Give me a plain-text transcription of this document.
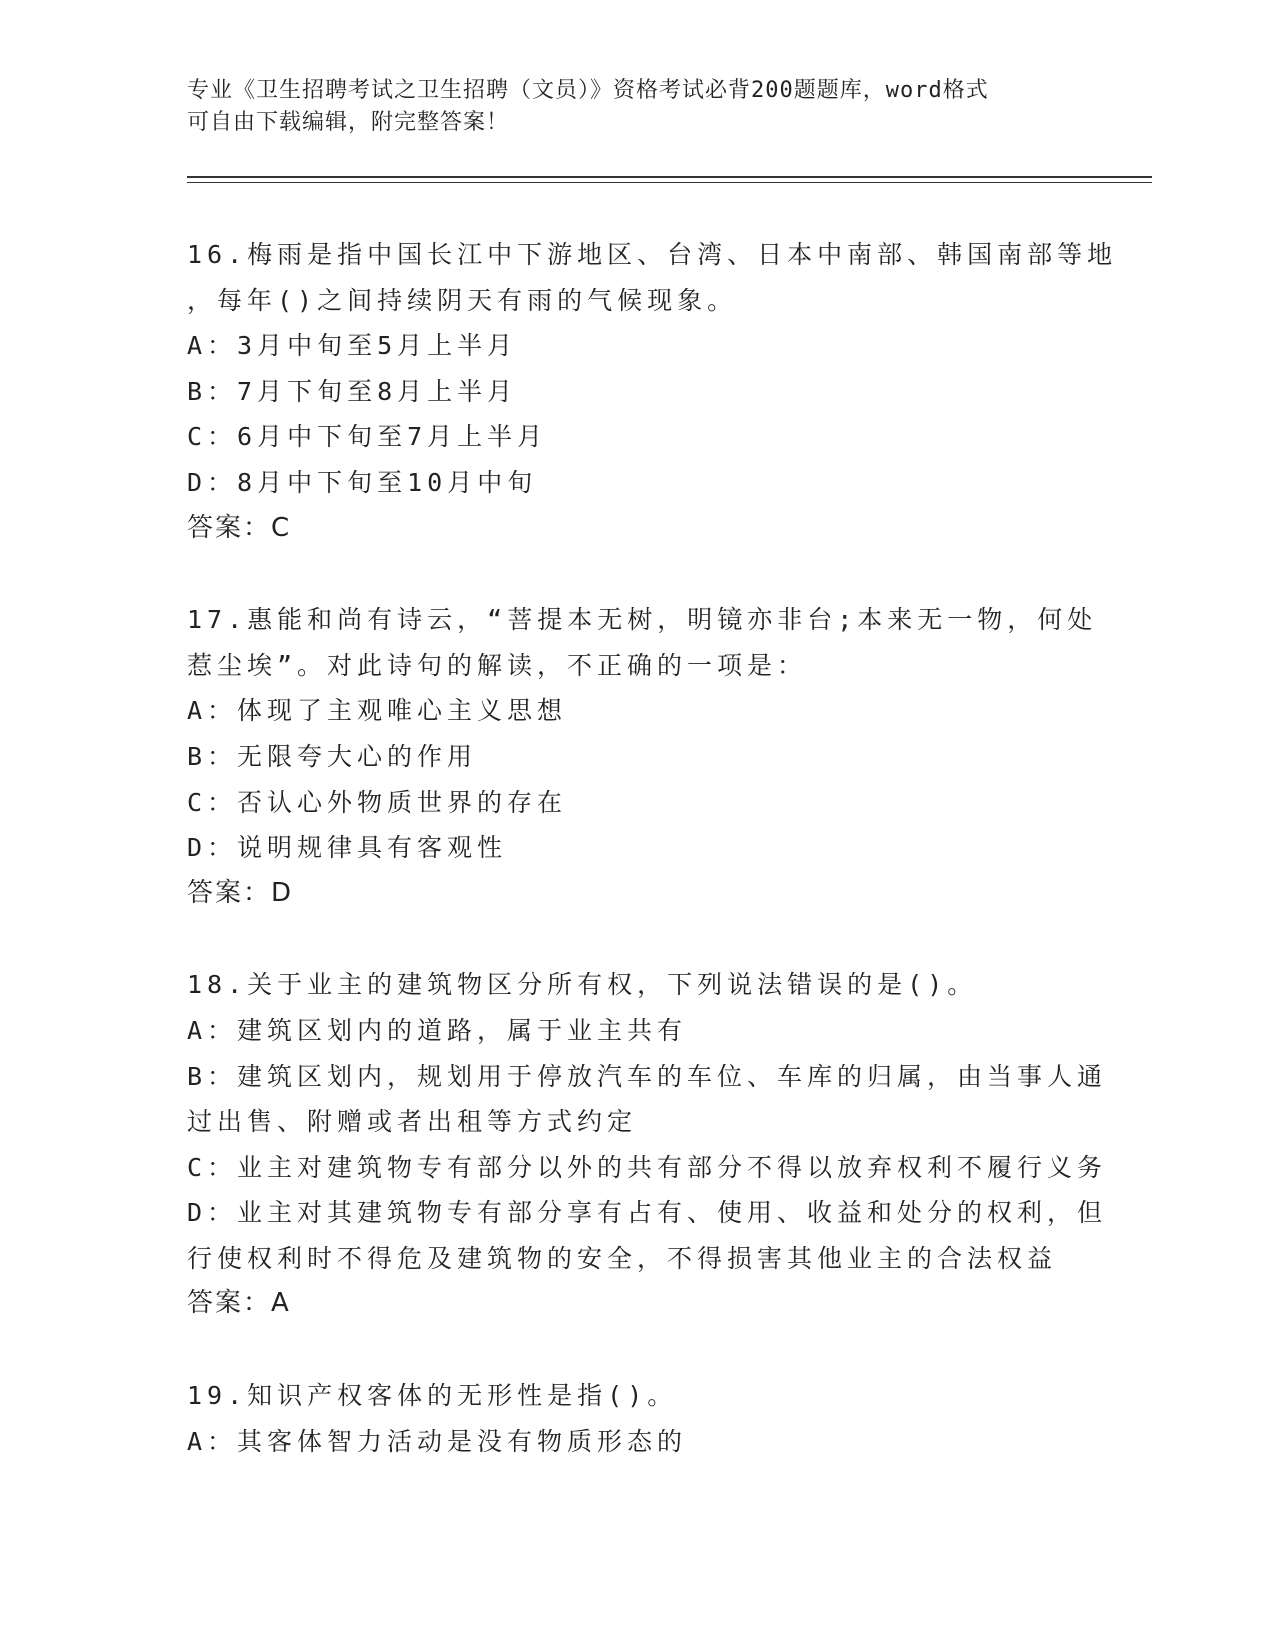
专业《卫生招聘考试之卫生招聘（文员）》资格考试必背200题题库，word格式
可自由下载编辑，附完整答案！
16.梅雨是指中国长江中下游地区、台湾、日本中南部、韩国南部等地
，每年()之间持续阴天有雨的气候现象。
A：3月中旬至5月上半月
B：7月下旬至8月上半月
C：6月中下旬至7月上半月
D：8月中下旬至10月中旬
答案：C
17.惠能和尚有诗云，“菩提本无树，明镜亦非台;本来无一物，何处
惹尘埃”。对此诗句的解读，不正确的一项是：
A：体现了主观唯心主义思想
B：无限夸大心的作用
C：否认心外物质世界的存在
D：说明规律具有客观性
答案：D
18.关于业主的建筑物区分所有权，下列说法错误的是()。
A：建筑区划内的道路，属于业主共有
B：建筑区划内，规划用于停放汽车的车位、车库的归属，由当事人通
过出售、附赠或者出租等方式约定
C：业主对建筑物专有部分以外的共有部分不得以放弃权利不履行义务
D：业主对其建筑物专有部分享有占有、使用、收益和处分的权利，但
行使权利时不得危及建筑物的安全，不得损害其他业主的合法权益
答案：A
19.知识产权客体的无形性是指()。
A：其客体智力活动是没有物质形态的
